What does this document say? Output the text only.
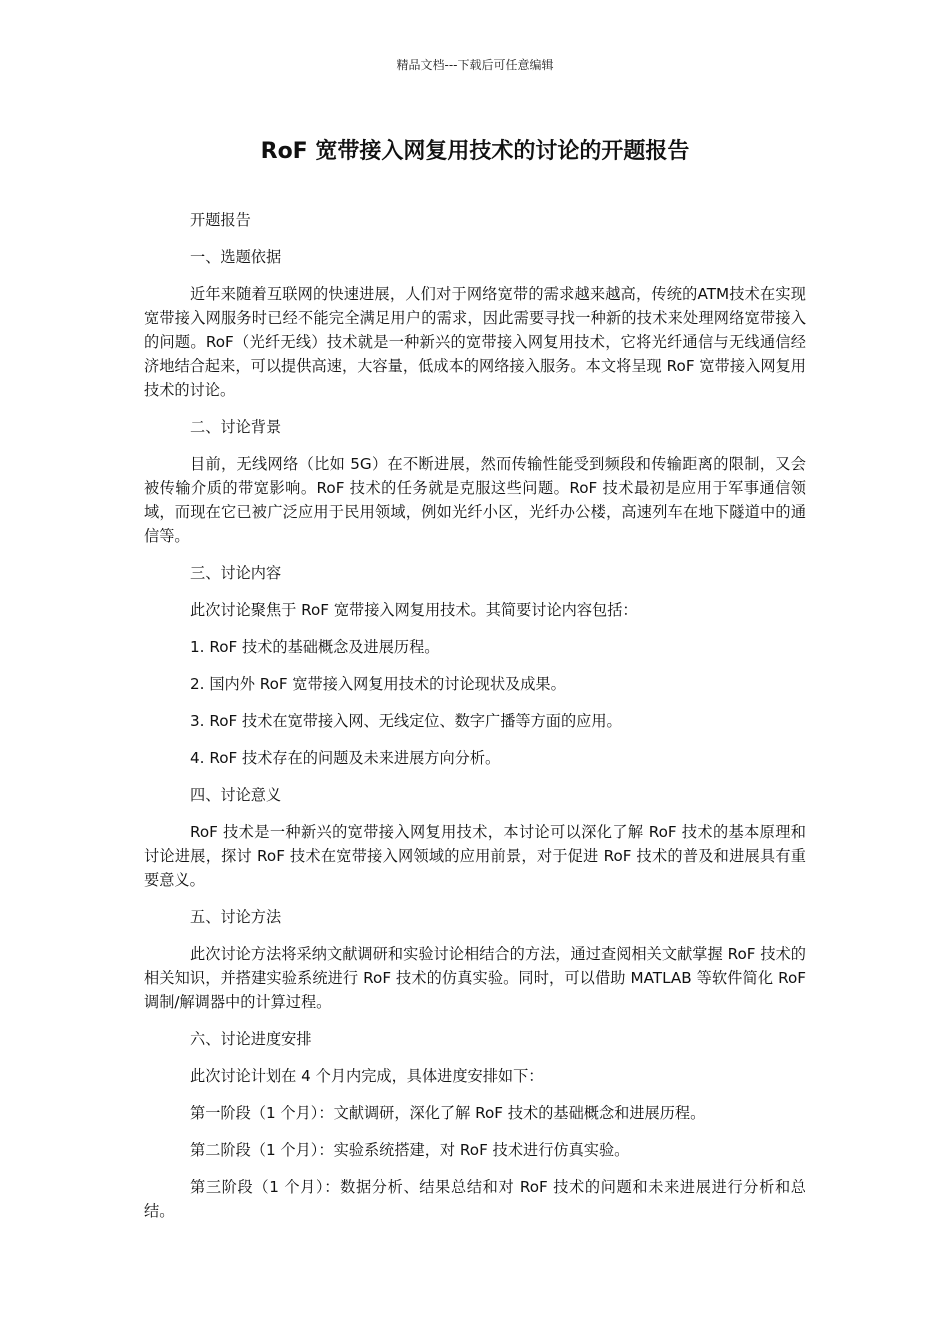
精品文档---下载后可任意编辑
RoF 宽带接入网复用技术的讨论的开题报告

开题报告

一、选题依据

近年来随着互联网的快速进展，人们对于网络宽带的需求越来越高，传统的ATM技术在实现宽带接入网服务时已经不能完全满足用户的需求，因此需要寻找一种新的技术来处理网络宽带接入的问题。RoF（光纤无线）技术就是一种新兴的宽带接入网复用技术，它将光纤通信与无线通信经济地结合起来，可以提供高速，大容量，低成本的网络接入服务。本文将呈现 RoF 宽带接入网复用技术的讨论。

二、讨论背景

目前，无线网络（比如 5G）在不断进展，然而传输性能受到频段和传输距离的限制，又会被传输介质的带宽影响。RoF 技术的任务就是克服这些问题。RoF 技术最初是应用于军事通信领域，而现在它已被广泛应用于民用领域，例如光纤小区，光纤办公楼，高速列车在地下隧道中的通信等。

三、讨论内容

此次讨论聚焦于 RoF 宽带接入网复用技术。其简要讨论内容包括：

1. RoF 技术的基础概念及进展历程。

2. 国内外 RoF 宽带接入网复用技术的讨论现状及成果。

3. RoF 技术在宽带接入网、无线定位、数字广播等方面的应用。

4. RoF 技术存在的问题及未来进展方向分析。

四、讨论意义

RoF 技术是一种新兴的宽带接入网复用技术，本讨论可以深化了解 RoF 技术的基本原理和讨论进展，探讨 RoF 技术在宽带接入网领域的应用前景，对于促进 RoF 技术的普及和进展具有重要意义。

五、讨论方法

此次讨论方法将采纳文献调研和实验讨论相结合的方法，通过查阅相关文献掌握 RoF 技术的相关知识，并搭建实验系统进行 RoF 技术的仿真实验。同时，可以借助 MATLAB 等软件简化 RoF 调制/解调器中的计算过程。

六、讨论进度安排

此次讨论计划在 4 个月内完成，具体进度安排如下：

第一阶段（1 个月）：文献调研，深化了解 RoF 技术的基础概念和进展历程。

第二阶段（1 个月）：实验系统搭建，对 RoF 技术进行仿真实验。

第三阶段（1 个月）：数据分析、结果总结和对 RoF 技术的问题和未来进展进行分析和总结。
